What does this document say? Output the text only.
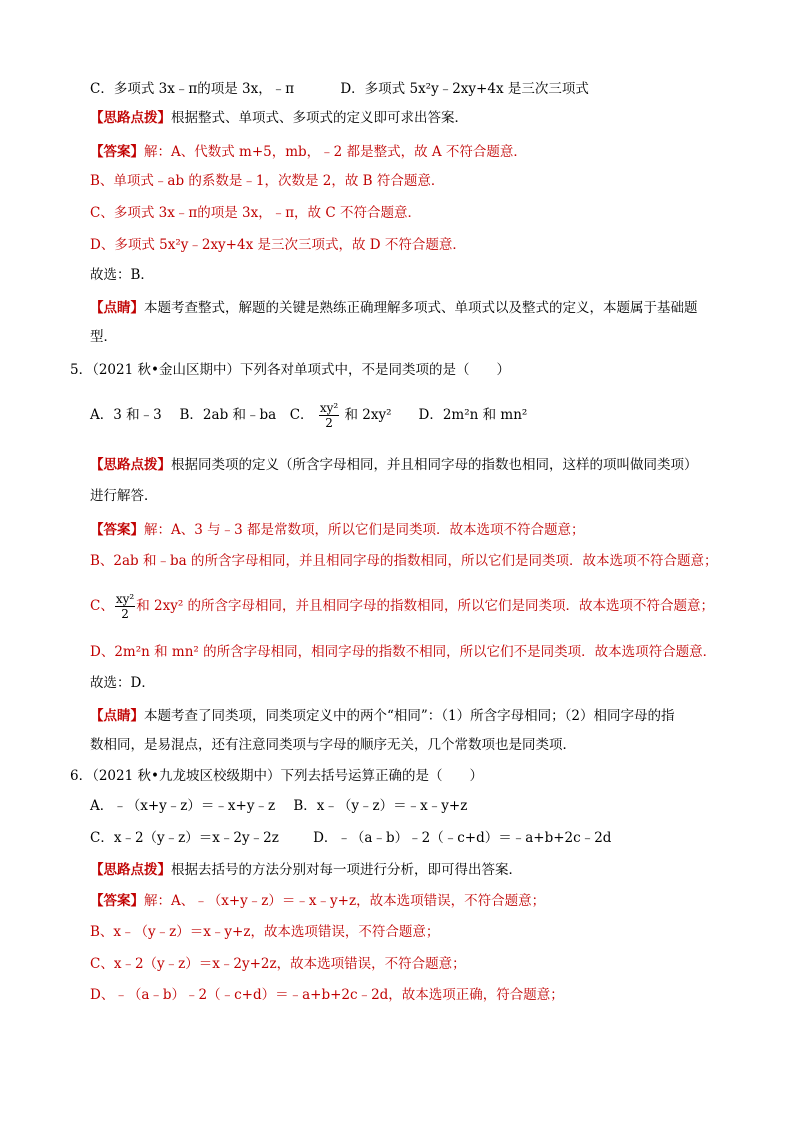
C．多项式 3x﹣π的项是 3x，﹣π	D．多项式 5x²y﹣2xy+4x 是三次三项式
【思路点拨】根据整式、单项式、多项式的定义即可求出答案．
【答案】解：A、代数式 m+5，mb，﹣2 都是整式，故 A 不符合题意．
B、单项式﹣ab 的系数是﹣1，次数是 2，故 B 符合题意．
C、多项式 3x﹣π的项是 3x，﹣π，故 C 不符合题意．
D、多项式 5x²y﹣2xy+4x 是三次三项式，故 D 不符合题意．
故选：B．
【点睛】本题考查整式，解题的关键是熟练正确理解多项式、单项式以及整式的定义，本题属于基础题
型．
5．（2021 秋•金山区期中）下列各对单项式中，不是同类项的是（　　）
A．3 和﹣3　 B．2ab 和﹣ba　C． $\frac{\text{xy²}}{2}$ 和 2xy²　　D．2m²n 和 mn²
【思路点拨】根据同类项的定义（所含字母相同，并且相同字母的指数也相同，这样的项叫做同类项）
进行解答．
【答案】解：A、3 与﹣3 都是常数项，所以它们是同类项．故本选项不符合题意；
B、2ab 和﹣ba 的所含字母相同，并且相同字母的指数相同，所以它们是同类项．故本选项不符合题意；
C、 $\frac{\text{xy²}}{2}$ 和 2xy² 的所含字母相同，并且相同字母的指数相同，所以它们是同类项．故本选项不符合题意；
D、2m²n 和 mn² 的所含字母相同，相同字母的指数不相同，所以它们不是同类项．故本选项符合题意．
故选：D．
【点睛】本题考查了同类项，同类项定义中的两个“相同”：（1）所含字母相同；（2）相同字母的指
数相同，是易混点，还有注意同类项与字母的顺序无关，几个常数项也是同类项．
6．（2021 秋•九龙坡区校级期中）下列去括号运算正确的是（　　）
A．﹣（x+y﹣z）＝﹣x+y﹣z B．x﹣（y﹣z）＝﹣x﹣y+z
C．x﹣2（y﹣z）＝x﹣2y﹣2z	D．﹣（a﹣b）﹣2（﹣c+d）＝﹣a+b+2c﹣2d
【思路点拨】根据去括号的方法分别对每一项进行分析，即可得出答案．
【答案】解：A、﹣（x+y﹣z）＝﹣x﹣y+z，故本选项错误，不符合题意；
B、x﹣（y﹣z）＝x﹣y+z，故本选项错误，不符合题意；
C、x﹣2（y﹣z）＝x﹣2y+2z，故本选项错误，不符合题意；
D、﹣（a﹣b）﹣2（﹣c+d）＝﹣a+b+2c﹣2d，故本选项正确，符合题意；
